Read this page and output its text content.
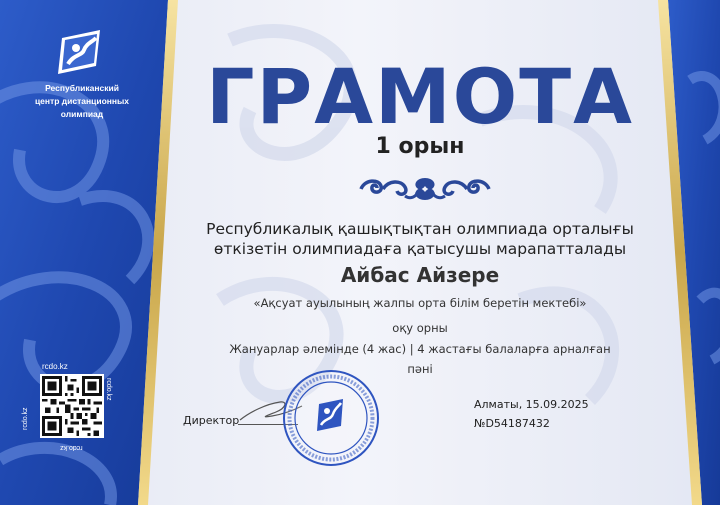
Республиканский
центр дистанционных
олимпиад
rcdo.kz
rcdo.kz
rcdo.kz
rcdo.kz
ГРАМОТА
1 орын
Республикалық қашықтықтан олимпиада орталығы
өткізетін олимпиадаға қатысушы марапатталады
Айбас Айзере
«Ақсуат ауылының жалпы орта білім беретін мектебі»
оқу орны
Жануарлар әлемінде (4 жас) | 4 жастағы балаларға арналған
пәні
Директор
Алматы, 15.09.2025
№D54187432
